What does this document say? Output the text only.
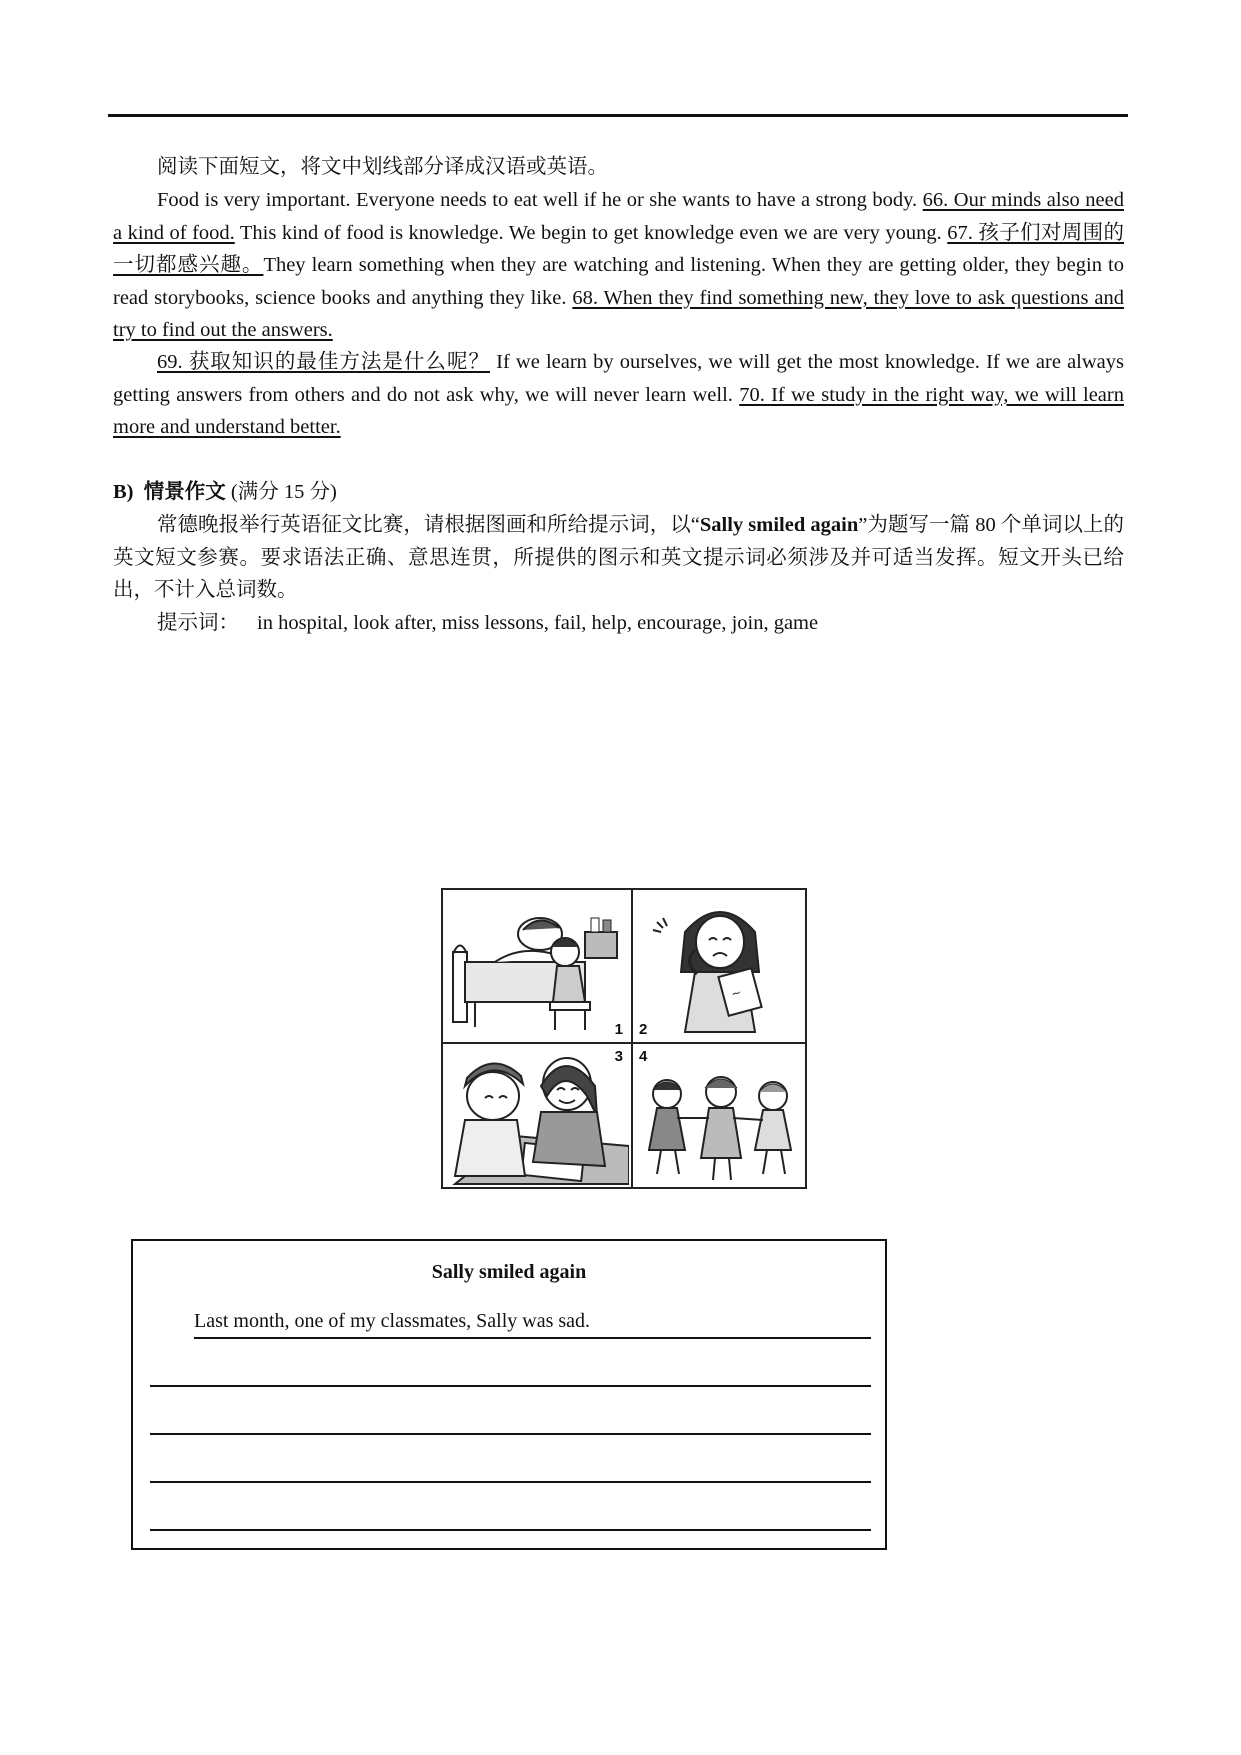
阅读下面短文，将文中划线部分译成汉语或英语。

Food is very important. Everyone needs to eat well if he or she wants to have a strong body. 66. Our minds also need a kind of food. This kind of food is knowledge. We begin to get knowledge even we are very young. 67. 孩子们对周围的一切都感兴趣。They learn something when they are watching and listening. When they are getting older, they begin to read storybooks, science books and anything they like. 68. When they find something new, they love to ask questions and try to find out the answers.

69. 获取知识的最佳方法是什么呢？ If we learn by ourselves, we will get the most knowledge. If we are always getting answers from others and do not ask why, we will never learn well. 70. If we study in the right way, we will learn more and understand better.

B) 情景作文 (满分 15 分)

常德晚报举行英语征文比赛，请根据图画和所给提示词，以“Sally smiled again”为题写一篇 80 个单词以上的英文短文参赛。要求语法正确、意思连贯，所提供的图示和英文提示词必须涉及并可适当发挥。短文开头已给出，不计入总词数。

提示词： in hospital, look after, miss lessons, fail, help, encourage, join, game

1
~
2
3 4
Sally smiled again
Last month, one of my classmates, Sally was sad.
